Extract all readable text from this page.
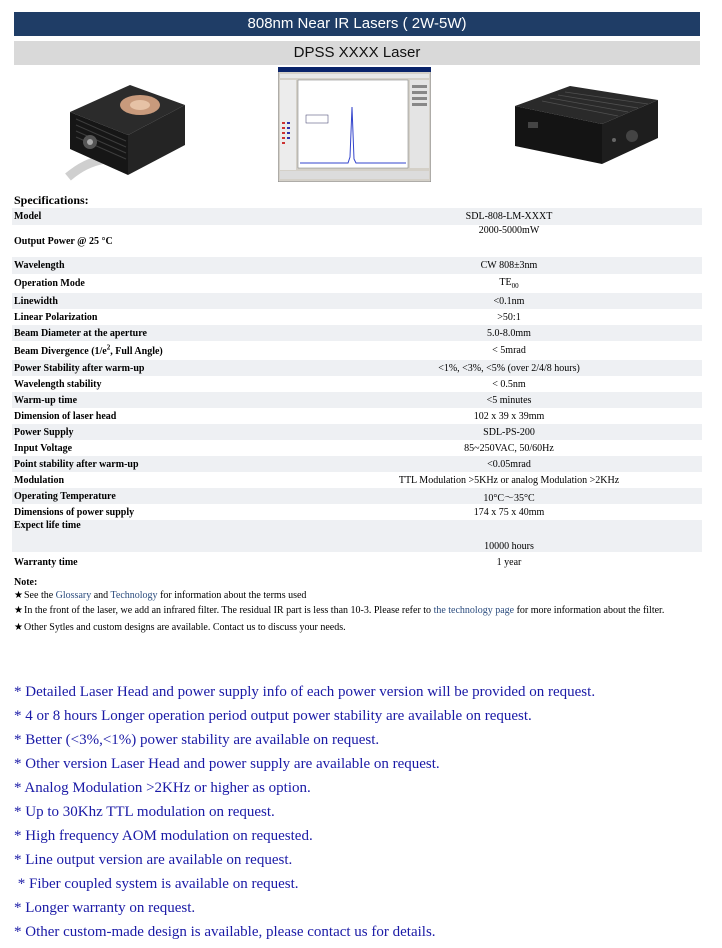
808nm Near IR Lasers ( 2W-5W)
DPSS XXXX Laser
Specifications:
Model	SDL-808-LM-XXXT
Output Power @ 25 °C	2000-5000mW
Wavelength	CW 808±3nm
Operation Mode	$TE_{00}$
Linewidth	<0.1nm
Linear Polarization	>50:1
Beam Diameter at the aperture	5.0-8.0mm
Beam Divergence ($1/e^2$, Full Angle)	< 5mrad
Power Stability after warm-up	<1%, <3%, <5% (over 2/4/8 hours)
Wavelength stability	< 0.5nm
Warm-up time	<5 minutes
Dimension of laser head	102 x 39 x 39mm
Power Supply	SDL-PS-200
Input Voltage	85~250VAC, 50/60Hz
Point stability after warm-up	<0.05mrad
Modulation	TTL Modulation >5KHz or analog Modulation >2KHz
Operating Temperature	10°C～35°C
Dimensions of power supply	174 x 75 x 40mm
Expect life time	10000 hours
Warranty time	1 year
Note:
★See the Glossary and Technology for information about the terms used
★ In the front of the laser, we add an infrared filter. The residual IR part is less than 10-3. Please refer to the technology page for more information about the filter.
★Other Sytles and custom designs are available. Contact us to discuss your needs.
* Detailed Laser Head and power supply info of each power version will be provided on request.
* 4 or 8 hours Longer operation period output power stability are available on request.
* Better (<3%,<1%) power stability are available on request.
* Other version Laser Head and power supply are available on request.
* Analog Modulation >2KHz or higher as option.
* Up to 30Khz TTL modulation on request.
* High frequency AOM modulation on requested.
* Line output version are available on request.
* Fiber coupled system is available on request.
* Longer warranty on request.
* Other custom-made design is available, please contact us for details.
